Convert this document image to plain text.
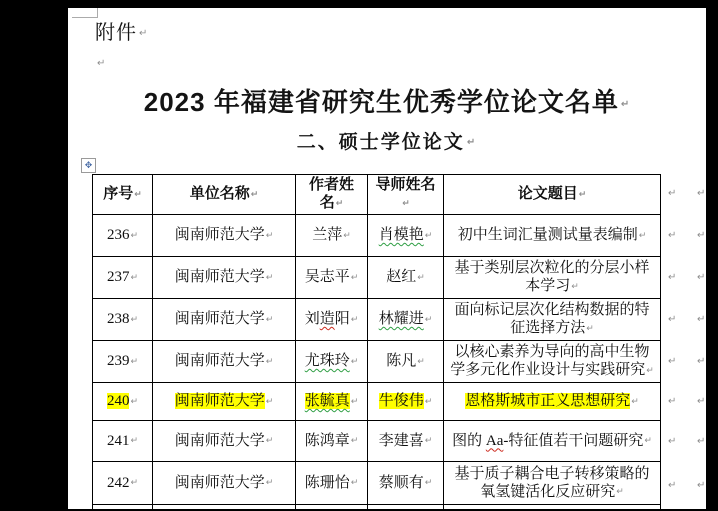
附件 ↵
↵
2023 年福建省研究生优秀学位论文名单 ↵
二、硕士学位论文 ↵
✥
序号↵	单位名称↵	作者姓名↵	导师姓名↵	论文题目↵
236↵	闽南师范大学↵	兰萍↵	肖模艳↵	初中生词汇量测试量表编制↵
237↵	闽南师范大学↵	吴志平↵	赵红↵	基于类别层次粒化的分层小样本学习↵
238↵	闽南师范大学↵	刘造阳↵	林耀进↵	面向标记层次化结构数据的特征选择方法↵
239↵	闽南师范大学↵	尤珠玲↵	陈凡↵	以核心素养为导向的高中生物学多元化作业设计与实践研究↵
240↵	闽南师范大学↵	张毓真↵	牛俊伟↵	恩格斯城市正义思想研究↵
241↵	闽南师范大学↵	陈鸿章↵	李建喜↵	图的 Aa-特征值若干问题研究↵
242↵	闽南师范大学↵	陈珊怡↵	蔡顺有↵	基于质子耦合电子转移策略的氧氢键活化反应研究↵

↵ ↵
↵ ↵
↵ ↵
↵ ↵
↵ ↵
↵ ↵
↵ ↵
↵ ↵
